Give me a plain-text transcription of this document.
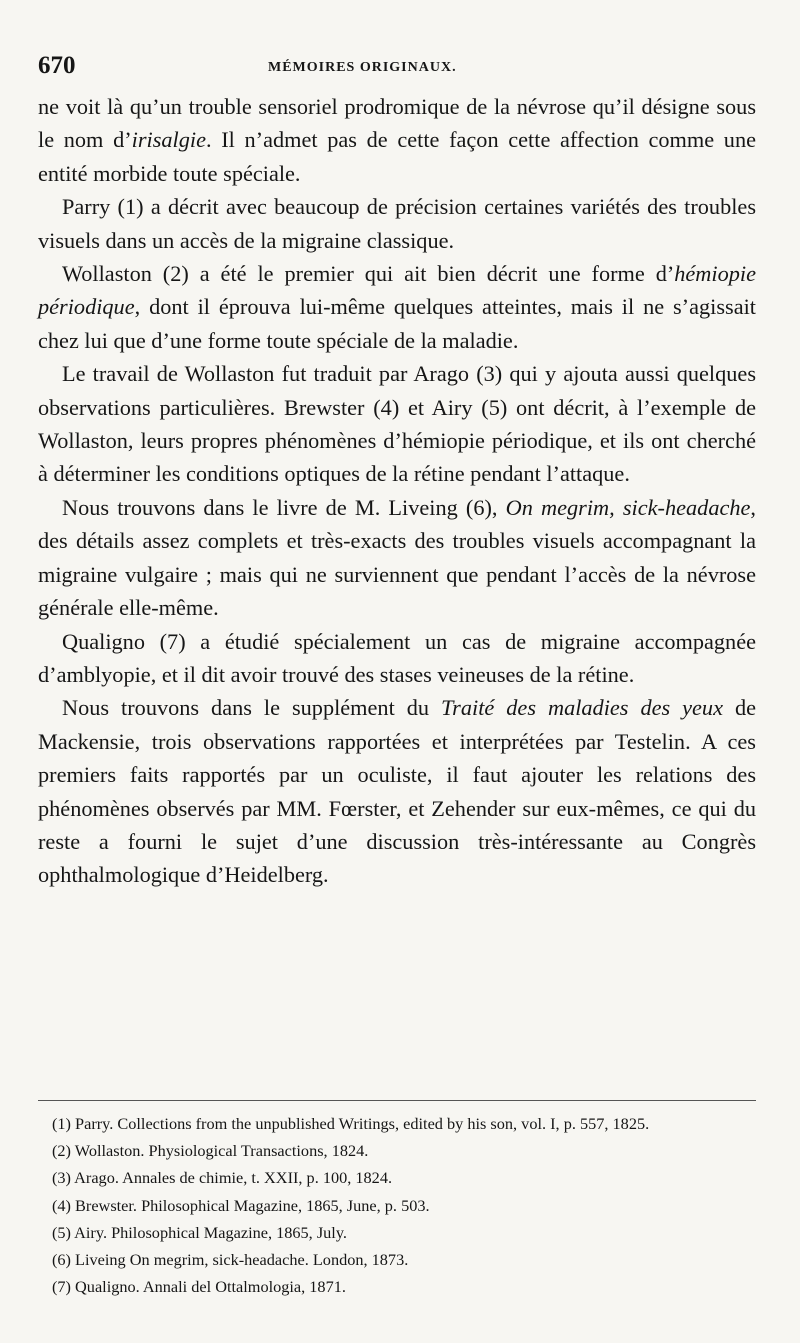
670	MÉMOIRES ORIGINAUX.

ne voit là qu’un trouble sensoriel prodromique de la névrose qu’il désigne sous le nom d’irisalgie. Il n’admet pas de cette façon cette affection comme une entité morbide toute spéciale.

Parry (1) a décrit avec beaucoup de précision certaines variétés des troubles visuels dans un accès de la migraine classique.

Wollaston (2) a été le premier qui ait bien décrit une forme d’hémiopie périodique, dont il éprouva lui-même quelques atteintes, mais il ne s’agissait chez lui que d’une forme toute spéciale de la maladie.

Le travail de Wollaston fut traduit par Arago (3) qui y ajouta aussi quelques observations particulières. Brewster (4) et Airy (5) ont décrit, à l’exemple de Wollaston, leurs propres phénomènes d’hémiopie périodique, et ils ont cherché à déterminer les conditions optiques de la rétine pendant l’attaque.

Nous trouvons dans le livre de M. Liveing (6), On megrim, sick-headache, des détails assez complets et très-exacts des troubles visuels accompagnant la migraine vulgaire ; mais qui ne surviennent que pendant l’accès de la névrose générale elle-même.

Qualigno (7) a étudié spécialement un cas de migraine accompagnée d’amblyopie, et il dit avoir trouvé des stases veineuses de la rétine.

Nous trouvons dans le supplément du Traité des maladies des yeux de Mackensie, trois observations rapportées et interprétées par Testelin. A ces premiers faits rapportés par un oculiste, il faut ajouter les relations des phénomènes observés par MM. Fœrster, et Zehender sur eux-mêmes, ce qui du reste a fourni le sujet d’une discussion très-intéressante au Congrès ophthalmologique d’Heidelberg.

(1) Parry. Collections from the unpublished Writings, edited by his son, vol. I, p. 557, 1825.
(2) Wollaston. Physiological Transactions, 1824.
(3) Arago. Annales de chimie, t. XXII, p. 100, 1824.
(4) Brewster. Philosophical Magazine, 1865, June, p. 503.
(5) Airy. Philosophical Magazine, 1865, July.
(6) Liveing On megrim, sick-headache. London, 1873.
(7) Qualigno. Annali del Ottalmologia, 1871.
